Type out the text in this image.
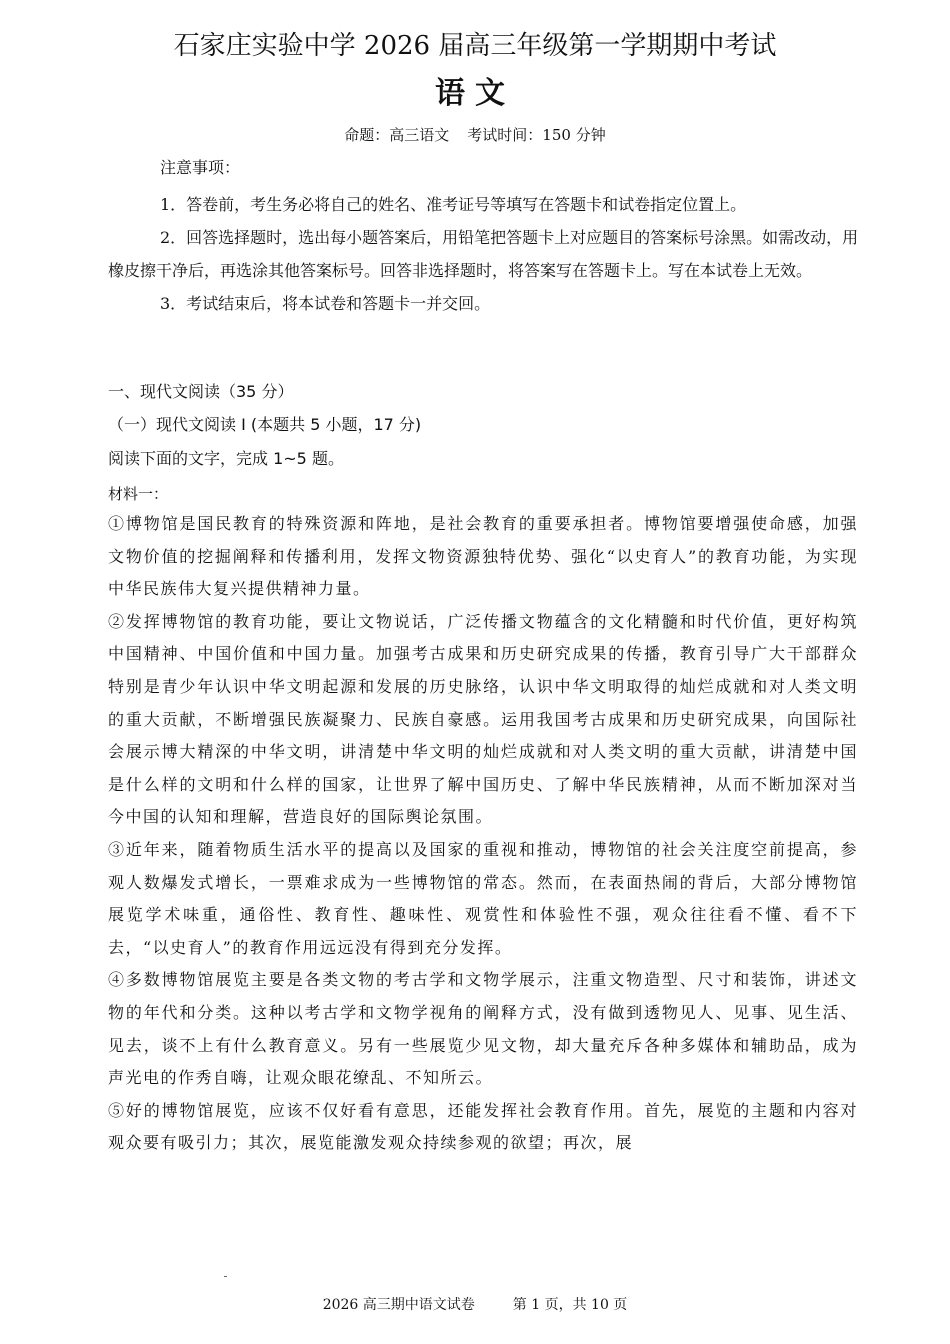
石家庄实验中学 2026 届高三年级第一学期期中考试
语文
命题：高三语文 考试时间：150 分钟
注意事项：

1．答卷前，考生务必将自己的姓名、准考证号等填写在答题卡和试卷指定位置上。

2．回答选择题时，选出每小题答案后，用铅笔把答题卡上对应题目的答案标号涂黑。如需改动，用橡皮擦干净后，再选涂其他答案标号。回答非选择题时，将答案写在答题卡上。写在本试卷上无效。

3．考试结束后，将本试卷和答题卡一并交回。

一、现代文阅读（35 分）
（一）现代文阅读 I (本题共 5 小题，17 分)
阅读下面的文字，完成 1~5 题。
材料一：

①博物馆是国民教育的特殊资源和阵地，是社会教育的重要承担者。博物馆要增强使命感，加强文物价值的挖掘阐释和传播利用，发挥文物资源独特优势、强化“以史育人”的教育功能，为实现中华民族伟大复兴提供精神力量。

②发挥博物馆的教育功能，要让文物说话，广泛传播文物蕴含的文化精髓和时代价值，更好构筑中国精神、中国价值和中国力量。加强考古成果和历史研究成果的传播，教育引导广大干部群众特别是青少年认识中华文明起源和发展的历史脉络，认识中华文明取得的灿烂成就和对人类文明的重大贡献，不断增强民族凝聚力、民族自豪感。运用我国考古成果和历史研究成果，向国际社会展示博大精深的中华文明，讲清楚中华文明的灿烂成就和对人类文明的重大贡献，讲清楚中国是什么样的文明和什么样的国家，让世界了解中国历史、了解中华民族精神，从而不断加深对当今中国的认知和理解，营造良好的国际舆论氛围。

③近年来，随着物质生活水平的提高以及国家的重视和推动，博物馆的社会关注度空前提高，参观人数爆发式增长，一票难求成为一些博物馆的常态。然而，在表面热闹的背后，大部分博物馆展览学术味重，通俗性、教育性、趣味性、观赏性和体验性不强，观众往往看不懂、看不下去，“以史育人”的教育作用远远没有得到充分发挥。

④多数博物馆展览主要是各类文物的考古学和文物学展示，注重文物造型、尺寸和装饰，讲述文物的年代和分类。这种以考古学和文物学视角的阐释方式，没有做到透物见人、见事、见生活、见去，谈不上有什么教育意义。另有一些展览少见文物，却大量充斥各种多媒体和辅助品，成为声光电的作秀自嗨，让观众眼花缭乱、不知所云。

⑤好的博物馆展览，应该不仅好看有意思，还能发挥社会教育作用。首先，展览的主题和内容对观众要有吸引力；其次，展览能激发观众持续参观的欲望；再次，展

2026 高三期中语文试卷	第 1 页，共 10 页
